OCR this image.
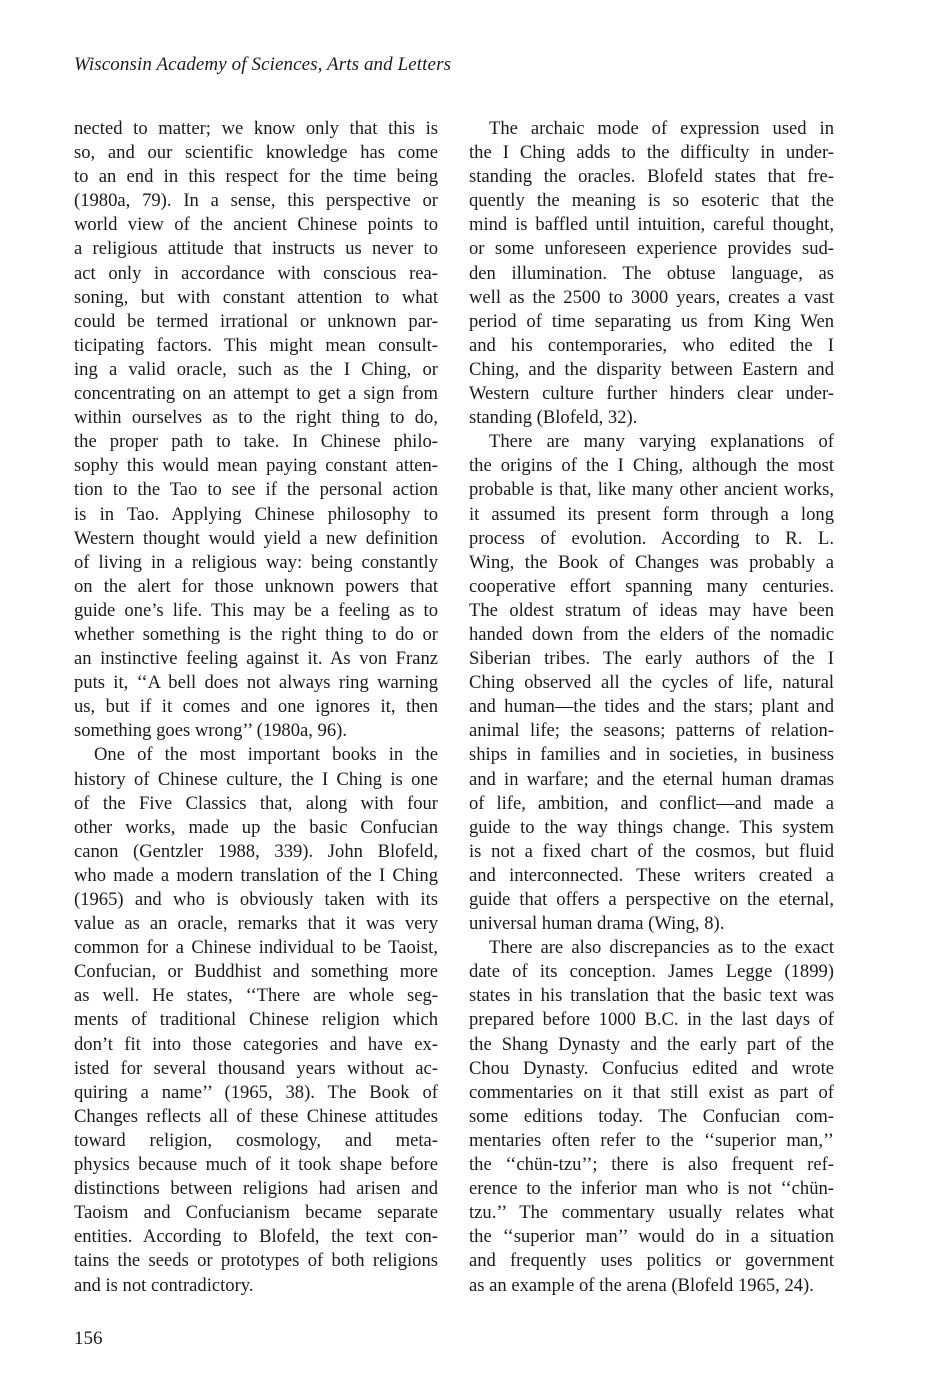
Wisconsin Academy of Sciences, Arts and Letters
nected to matter; we know only that this is
so, and our scientific knowledge has come
to an end in this respect for the time being
(1980a, 79). In a sense, this perspective or
world view of the ancient Chinese points to
a religious attitude that instructs us never to
act only in accordance with conscious rea-
soning, but with constant attention to what
could be termed irrational or unknown par-
ticipating factors. This might mean consult-
ing a valid oracle, such as the I Ching, or
concentrating on an attempt to get a sign from
within ourselves as to the right thing to do,
the proper path to take. In Chinese philo-
sophy this would mean paying constant atten-
tion to the Tao to see if the personal action
is in Tao. Applying Chinese philosophy to
Western thought would yield a new definition
of living in a religious way: being constantly
on the alert for those unknown powers that
guide one’s life. This may be a feeling as to
whether something is the right thing to do or
an instinctive feeling against it. As von Franz
puts it, ‘‘A bell does not always ring warning
us, but if it comes and one ignores it, then
something goes wrong’’ (1980a, 96).
One of the most important books in the
history of Chinese culture, the I Ching is one
of the Five Classics that, along with four
other works, made up the basic Confucian
canon (Gentzler 1988, 339). John Blofeld,
who made a modern translation of the I Ching
(1965) and who is obviously taken with its
value as an oracle, remarks that it was very
common for a Chinese individual to be Taoist,
Confucian, or Buddhist and something more
as well. He states, ‘‘There are whole seg-
ments of traditional Chinese religion which
don’t fit into those categories and have ex-
isted for several thousand years without ac-
quiring a name’’ (1965, 38). The Book of
Changes reflects all of these Chinese attitudes
toward religion, cosmology, and meta-
physics because much of it took shape before
distinctions between religions had arisen and
Taoism and Confucianism became separate
entities. According to Blofeld, the text con-
tains the seeds or prototypes of both religions
and is not contradictory.
The archaic mode of expression used in
the I Ching adds to the difficulty in under-
standing the oracles. Blofeld states that fre-
quently the meaning is so esoteric that the
mind is baffled until intuition, careful thought,
or some unforeseen experience provides sud-
den illumination. The obtuse language, as
well as the 2500 to 3000 years, creates a vast
period of time separating us from King Wen
and his contemporaries, who edited the I
Ching, and the disparity between Eastern and
Western culture further hinders clear under-
standing (Blofeld, 32).
There are many varying explanations of
the origins of the I Ching, although the most
probable is that, like many other ancient works,
it assumed its present form through a long
process of evolution. According to R. L.
Wing, the Book of Changes was probably a
cooperative effort spanning many centuries.
The oldest stratum of ideas may have been
handed down from the elders of the nomadic
Siberian tribes. The early authors of the I
Ching observed all the cycles of life, natural
and human—the tides and the stars; plant and
animal life; the seasons; patterns of relation-
ships in families and in societies, in business
and in warfare; and the eternal human dramas
of life, ambition, and conflict—and made a
guide to the way things change. This system
is not a fixed chart of the cosmos, but fluid
and interconnected. These writers created a
guide that offers a perspective on the eternal,
universal human drama (Wing, 8).
There are also discrepancies as to the exact
date of its conception. James Legge (1899)
states in his translation that the basic text was
prepared before 1000 B.C. in the last days of
the Shang Dynasty and the early part of the
Chou Dynasty. Confucius edited and wrote
commentaries on it that still exist as part of
some editions today. The Confucian com-
mentaries often refer to the ‘‘superior man,’’
the ‘‘chün-tzu’’; there is also frequent ref-
erence to the inferior man who is not ‘‘chün-
tzu.’’ The commentary usually relates what
the ‘‘superior man’’ would do in a situation
and frequently uses politics or government
as an example of the arena (Blofeld 1965, 24).
156
